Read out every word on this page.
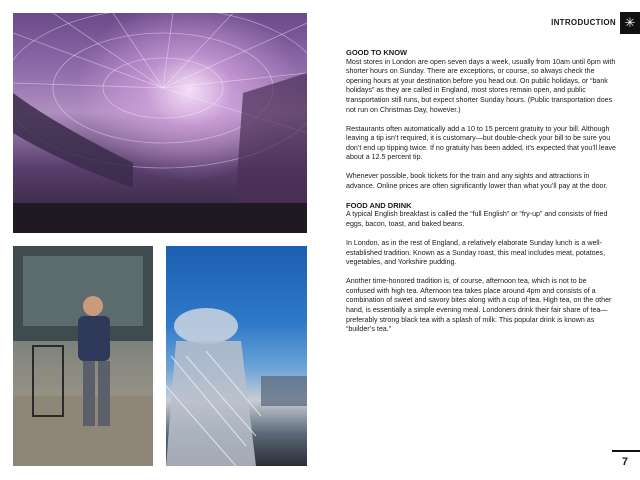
INTRODUCTION ✳

GOOD TO KNOW

Most stores in London are open seven days a week, usually from 10am until 6pm with shorter hours on Sunday. There are exceptions, or course, so always check the opening hours at your destination before you head out. On public holidays, or “bank holidays” as they are called in England, most stores remain open, and public transportation still runs, but expect shorter Sunday hours. (Public transportation does not run on Christmas Day, however.)

Restaurants often automatically add a 10 to 15 percent gratuity to your bill. Although leaving a tip isn’t required, it is customary—but double-check your bill to be sure you don’t end up tipping twice. If no gratuity has been added, it’s expected that you’ll leave about a 12.5 percent tip.

Whenever possible, book tickets for the train and any sights and attractions in advance. Online prices are often significantly lower than what you’ll pay at the door.

FOOD AND DRINK

A typical English breakfast is called the “full English” or “fry-up” and consists of fried eggs, bacon, toast, and baked beans.

In London, as in the rest of England, a relatively elaborate Sunday lunch is a well-established tradition. Known as a Sunday roast, this meal includes meat, potatoes, vegetables, and Yorkshire pudding.

Another time-honored tradition is, of course, afternoon tea, which is not to be confused with high tea. Afternoon tea takes place around 4pm and consists of a combination of sweet and savory bites along with a cup of tea. High tea, on the other hand, is essentially a simple evening meal. Londoners drink their fair share of tea—preferably strong black tea with a splash of milk. This popular drink is known as “builder’s tea.”

7
